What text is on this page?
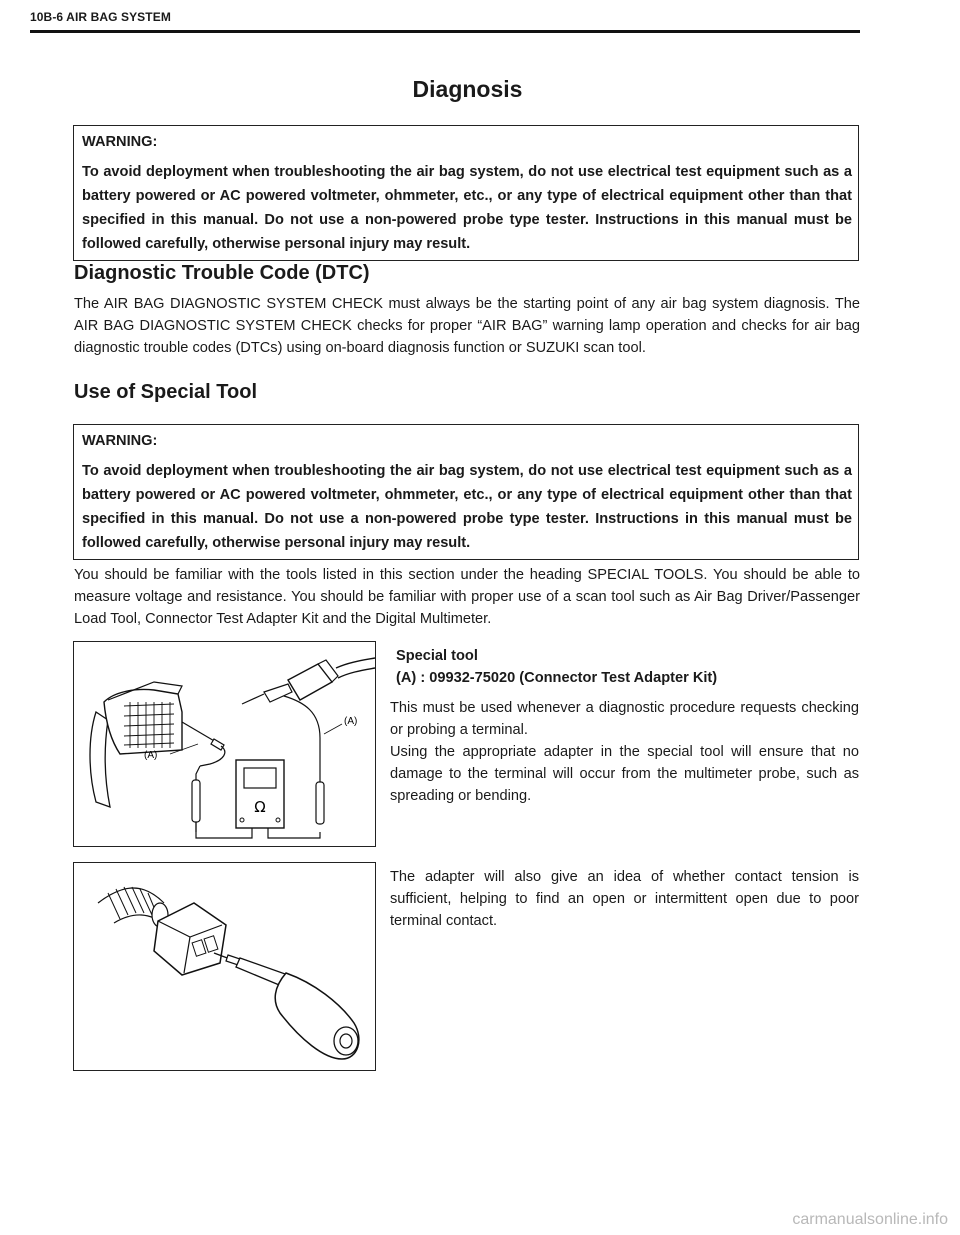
10B-6 AIR BAG SYSTEM
Diagnosis
WARNING:
To avoid deployment when troubleshooting the air bag system, do not use electrical test equipment such as a battery powered or AC powered voltmeter, ohmmeter, etc., or any type of electrical equipment other than that specified in this manual. Do not use a non-powered probe type tester. Instructions in this manual must be followed carefully, otherwise personal injury may result.
Diagnostic Trouble Code (DTC)

The AIR BAG DIAGNOSTIC SYSTEM CHECK must always be the starting point of any air bag system diagnosis. The AIR BAG DIAGNOSTIC SYSTEM CHECK checks for proper “AIR BAG” warning lamp operation and checks for air bag diagnostic trouble codes (DTCs) using on-board diagnosis function or SUZUKI scan tool.

Use of Special Tool
WARNING:
To avoid deployment when troubleshooting the air bag system, do not use electrical test equipment such as a battery powered or AC powered voltmeter, ohmmeter, etc., or any type of electrical equipment other than that specified in this manual. Do not use a non-powered probe type tester. Instructions in this manual must be followed carefully, otherwise personal injury may result.

You should be familiar with the tools listed in this section under the heading SPECIAL TOOLS. You should be able to measure voltage and resistance. You should be familiar with proper use of a scan tool such as Air Bag Driver/Passenger Load Tool, Connector Test Adapter Kit and the Digital Multimeter.

Ω
(A)
(A)

Special tool

(A) : 09932-75020 (Connector Test Adapter Kit)

This must be used whenever a diagnostic procedure requests checking or probing a terminal.

Using the appropriate adapter in the special tool will ensure that no damage to the terminal will occur from the multimeter probe, such as spreading or bending.

The adapter will also give an idea of whether contact tension is sufficient, helping to find an open or intermittent open due to poor terminal contact.

carmanualsonline.info
